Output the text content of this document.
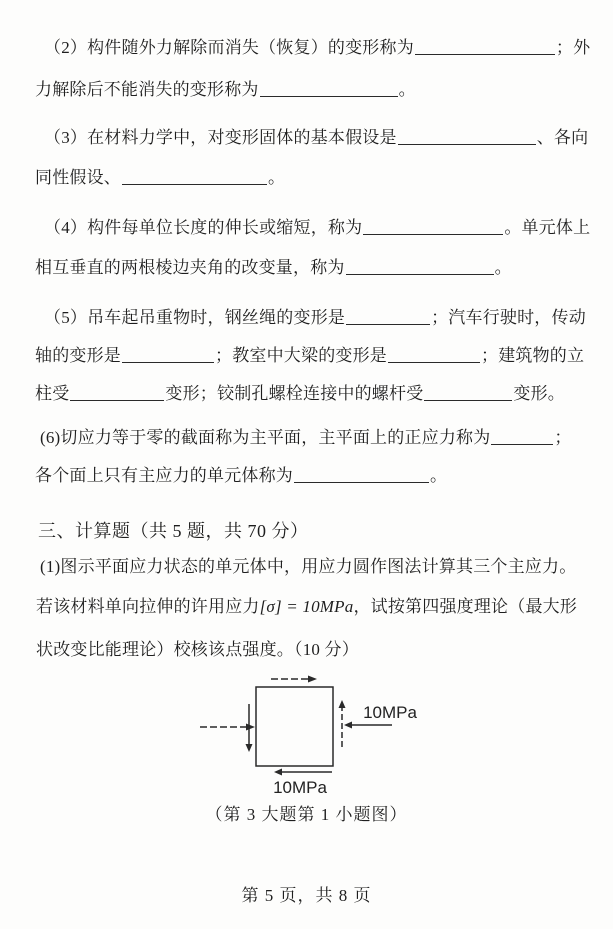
（2）构件随外力解除而消失（恢复）的变形称为	；外
力解除后不能消失的变形称为	。
（3）在材料力学中，对变形固体的基本假设是	、各向
同性假设、	。
（4）构件每单位长度的伸长或缩短，称为	。单元体上
相互垂直的两根棱边夹角的改变量，称为	。
（5）吊车起吊重物时，钢丝绳的变形是	；汽车行驶时，传动
轴的变形是	；教室中大梁的变形是	；建筑物的立
柱受	变形；铰制孔螺栓连接中的螺杆受	变形。
(6)切应力等于零的截面称为主平面，主平面上的正应力称为	；
各个面上只有主应力的单元体称为	。
三、计算题（共 5 题，共 70 分）
(1)图示平面应力状态的单元体中，用应力圆作图法计算其三个主应力。
若该材料单向拉伸的许用应力[σ] = 10MPa，试按第四强度理论（最大形
状改变比能理论）校核该点强度。（10 分）
10MPa
10MPa
（第 3 大题第 1 小题图）
第 5 页，共 8 页
